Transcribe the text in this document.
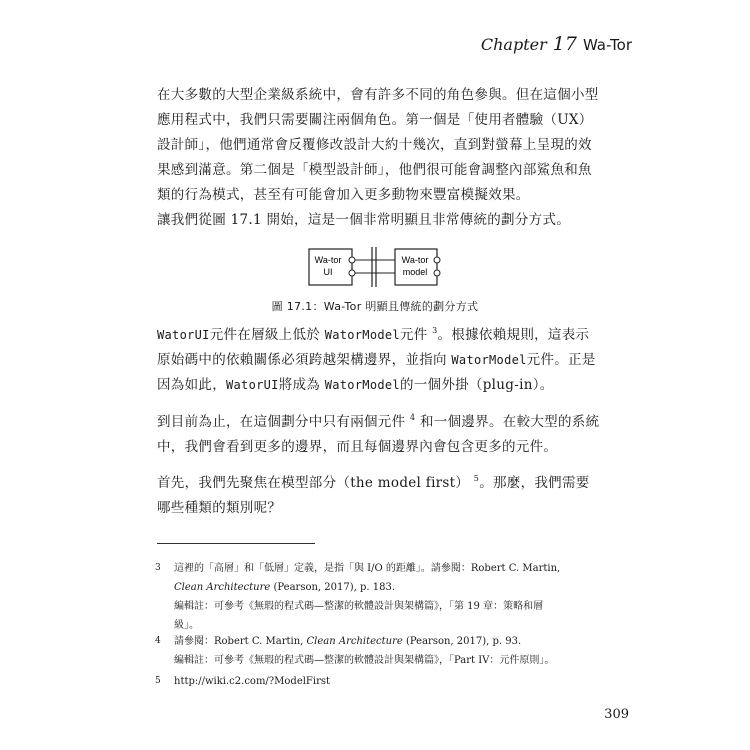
Chapter 17 Wa-Tor

在大多數的大型企業級系統中，會有許多不同的角色參與。但在這個小型應用程式中，我們只需要關注兩個角色。第一個是「使用者體驗（UX）設計師」，他們通常會反覆修改設計大約十幾次，直到對螢幕上呈現的效果感到滿意。第二個是「模型設計師」，他們很可能會調整內部鯊魚和魚類的行為模式，甚至有可能會加入更多動物來豐富模擬效果。

讓我們從圖 17.1 開始，這是一個非常明顯且非常傳統的劃分方式。

Wa-tor
UI
Wa-tor
model
圖 17.1：Wa-Tor 明顯且傳統的劃分方式

WatorUI元件在層級上低於 WatorModel元件 $^3$。根據依賴規則，這表示原始碼中的依賴關係必須跨越架構邊界，並指向 WatorModel元件。正是因為如此，WatorUI將成為 WatorModel的一個外掛（plug-in）。

到目前為止，在這個劃分中只有兩個元件 $^4$ 和一個邊界。在較大型的系統中，我們會看到更多的邊界，而且每個邊界內會包含更多的元件。

首先，我們先聚焦在模型部分（the model first） $^5$。那麼，我們需要哪些種類的類別呢？

3 這裡的「高層」和「低層」定義，是指「與 I/O 的距離」。請參閱：Robert C. Martin,
Clean Architecture (Pearson, 2017), p. 183.
編輯註：可參考《無瑕的程式碼—整潔的軟體設計與架構篇》，「第 19 章：策略和層
級」。
4 請參閱：Robert C. Martin, Clean Architecture (Pearson, 2017), p. 93.
編輯註：可參考《無瑕的程式碼—整潔的軟體設計與架構篇》，「Part IV：元件原則」。
5 http://wiki.c2.com/?ModelFirst
309
